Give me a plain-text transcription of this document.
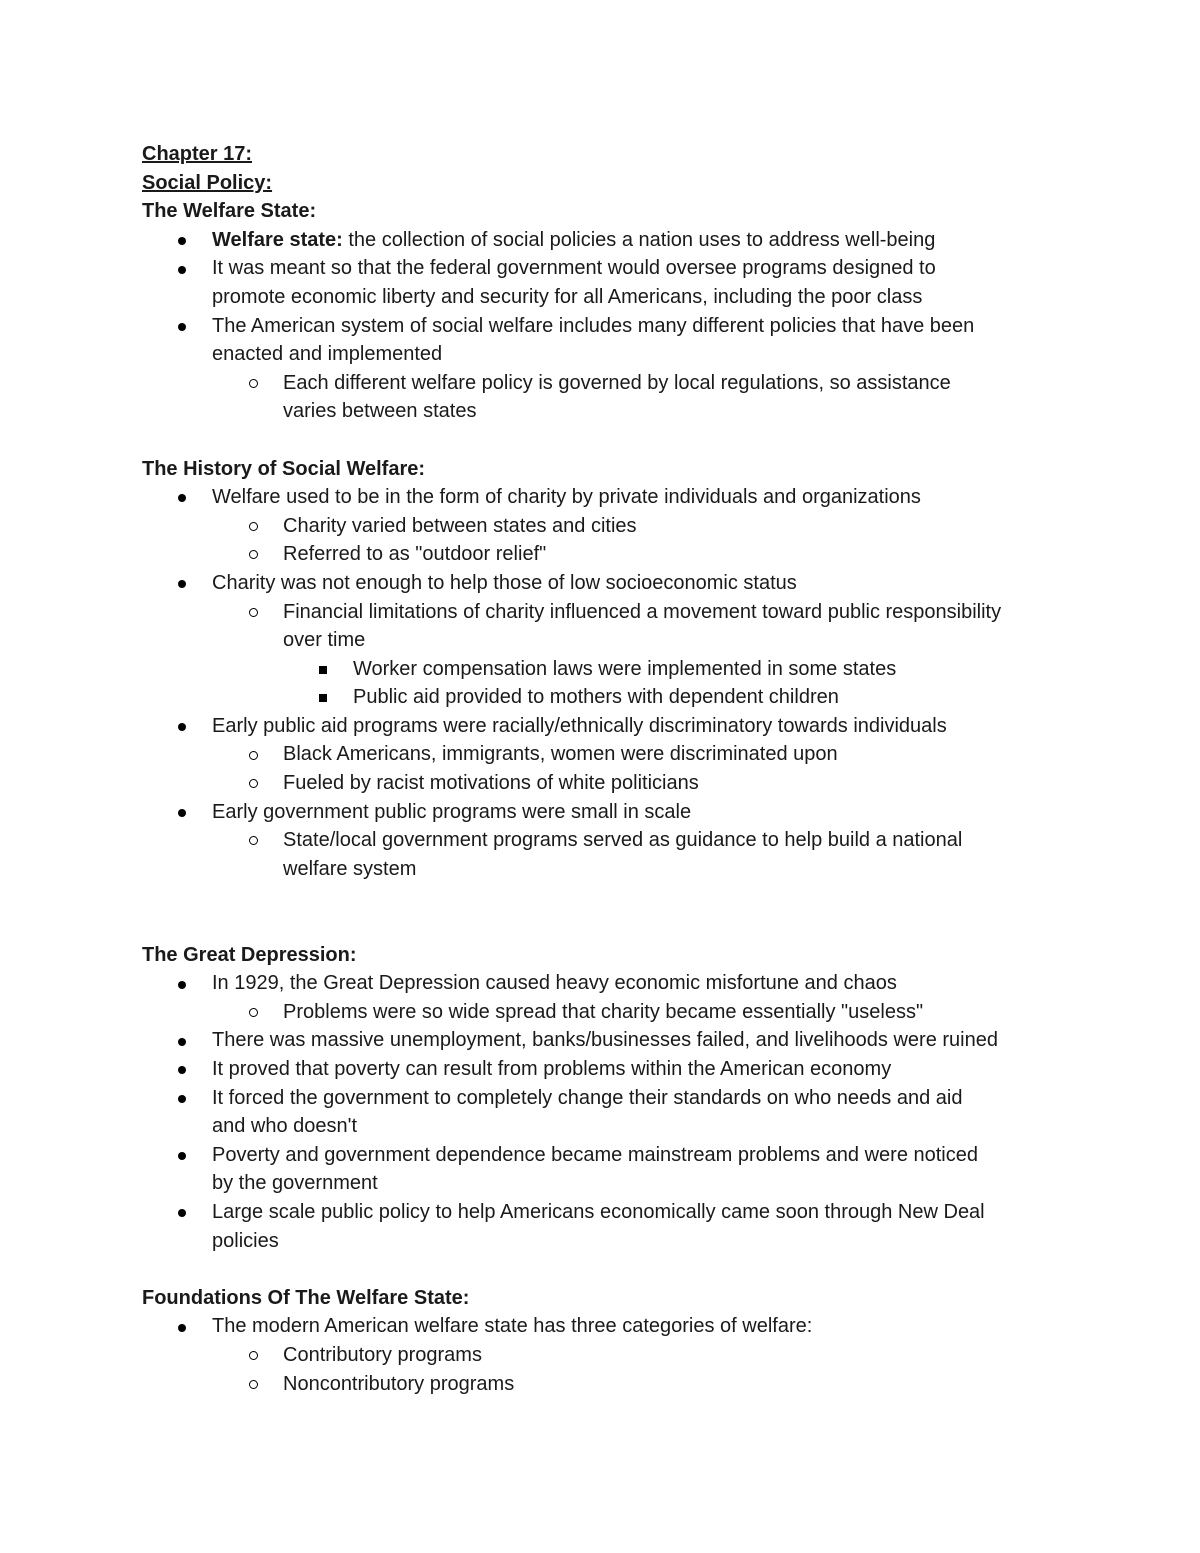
Chapter 17:
Social Policy:
The Welfare State:
Welfare state: the collection of social policies a nation uses to address well-being
It was meant so that the federal government would oversee programs designed to
promote economic liberty and security for all Americans, including the poor class
The American system of social welfare includes many different policies that have been
enacted and implemented
Each different welfare policy is governed by local regulations, so assistance
varies between states
The History of Social Welfare:
Welfare used to be in the form of charity by private individuals and organizations
Charity varied between states and cities
Referred to as "outdoor relief"
Charity was not enough to help those of low socioeconomic status
Financial limitations of charity influenced a movement toward public responsibility
over time
Worker compensation laws were implemented in some states
Public aid provided to mothers with dependent children
Early public aid programs were racially/ethnically discriminatory towards individuals
Black Americans, immigrants, women were discriminated upon
Fueled by racist motivations of white politicians
Early government public programs were small in scale
State/local government programs served as guidance to help build a national
welfare system
The Great Depression:
In 1929, the Great Depression caused heavy economic misfortune and chaos
Problems were so wide spread that charity became essentially "useless"
There was massive unemployment, banks/businesses failed, and livelihoods were ruined
It proved that poverty can result from problems within the American economy
It forced the government to completely change their standards on who needs and aid
and who doesn't
Poverty and government dependence became mainstream problems and were noticed
by the government
Large scale public policy to help Americans economically came soon through New Deal
policies
Foundations Of The Welfare State:
The modern American welfare state has three categories of welfare:
Contributory programs
Noncontributory programs
